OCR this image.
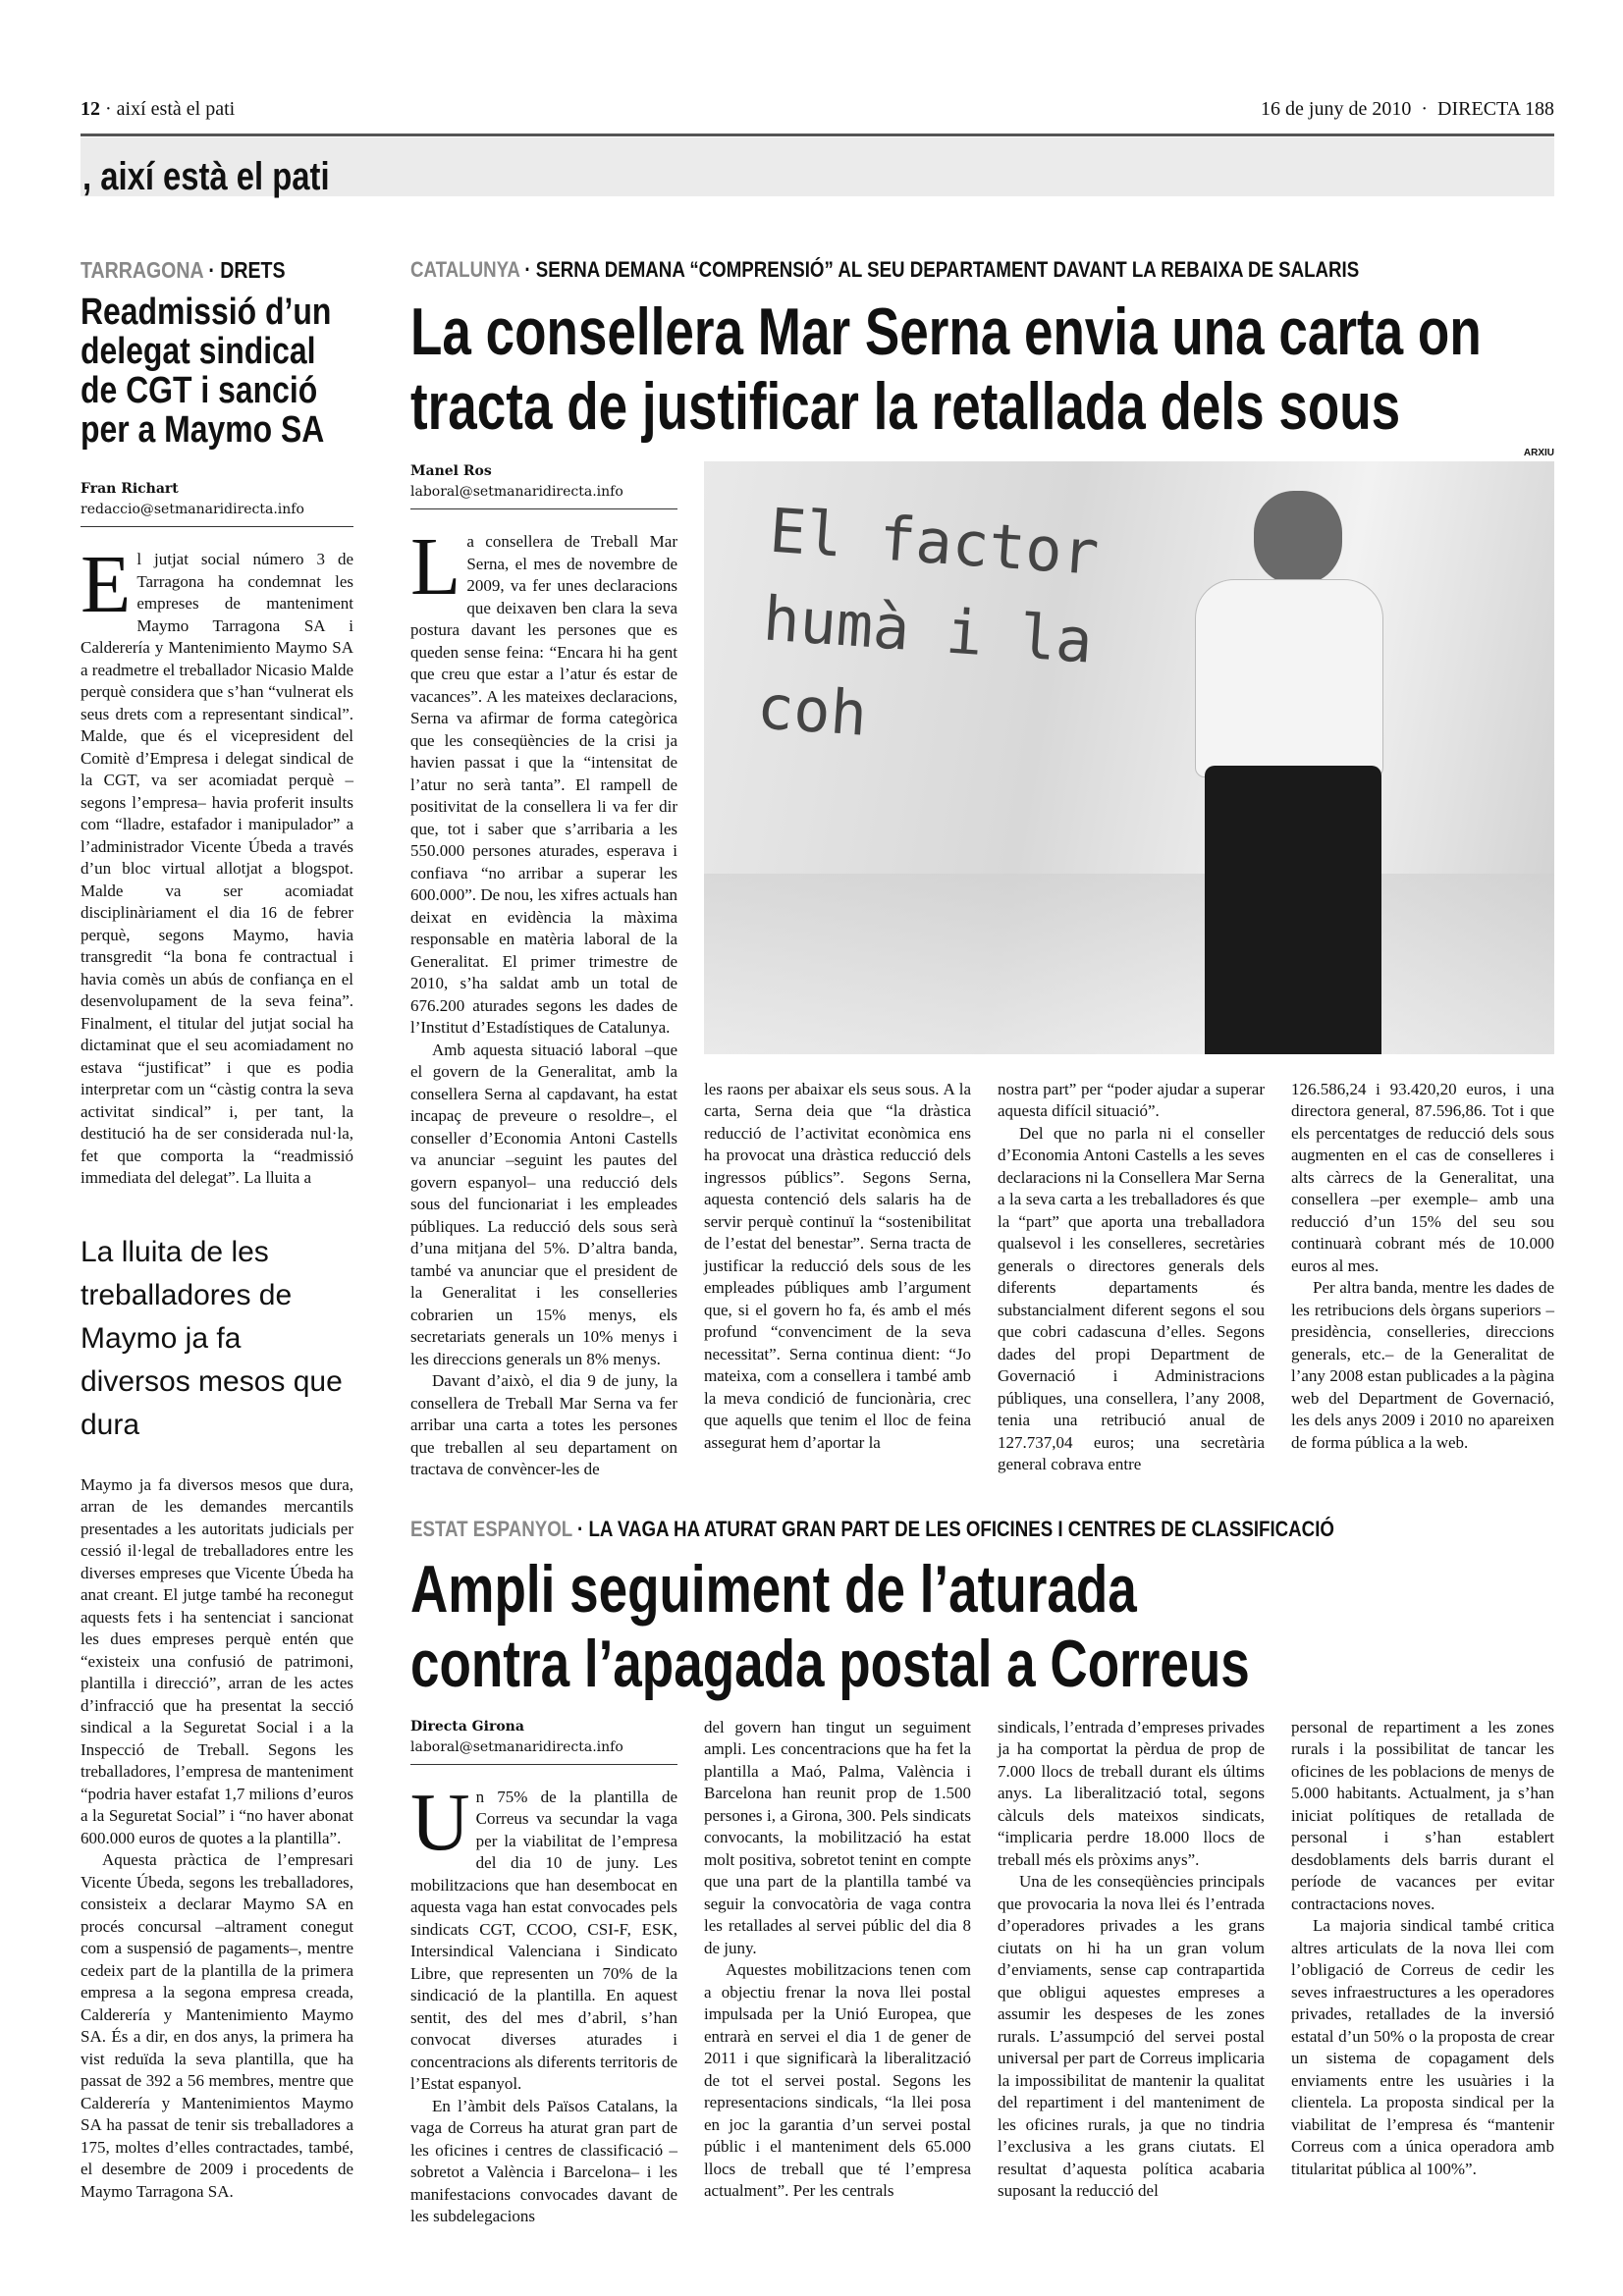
12 · així està el pati	16 de juny de 2010  ·  DIRECTA 188
, així està el pati
TARRAGONA · DRETS
Readmissió d’un delegat sindical de CGT i sanció per a Maymo SA
Fran Richart
redaccio@setmanaridirecta.info

El jutjat social número 3 de Tarragona ha condemnat les empreses de manteniment Maymo Tarragona SA i Calderería y Mantenimiento Maymo SA a readmetre el treballador Nicasio Malde perquè considera que s’han “vulnerat els seus drets com a representant sindical”. Malde, que és el vicepresident del Comitè d’Empresa i delegat sindical de la CGT, va ser acomiadat perquè –segons l’empresa– havia proferit insults com “lladre, estafador i manipulador” a l’administrador Vicente Úbeda a través d’un bloc virtual allotjat a blogspot. Malde va ser acomiadat disciplinàriament el dia 16 de febrer perquè, segons Maymo, havia transgredit “la bona fe contractual i havia comès un abús de confiança en el desenvolupament de la seva feina”. Finalment, el titular del jutjat social ha dictaminat que el seu acomiadament no estava “justificat” i que es podia interpretar com un “càstig contra la seva activitat sindical” i, per tant, la destitució ha de ser considerada nul·la, fet que comporta la “readmissió immediata del delegat”. La lluita a

La lluita de les treballadores de Maymo ja fa diversos mesos que dura

Maymo ja fa diversos mesos que dura, arran de les demandes mercantils presentades a les autoritats judicials per cessió il·legal de treballadores entre les diverses empreses que Vicente Úbeda ha anat creant. El jutge també ha reconegut aquests fets i ha sentenciat i sancionat les dues empreses perquè entén que “existeix una confusió de patrimoni, plantilla i direcció”, arran de les actes d’infracció que ha presentat la secció sindical a la Seguretat Social i a la Inspecció de Treball. Segons les treballadores, l’empresa de manteniment “podria haver estafat 1,7 milions d’euros a la Seguretat Social” i “no haver abonat 600.000 euros de quotes a la plantilla”.

Aquesta pràctica de l’empresari Vicente Úbeda, segons les treballadores, consisteix a declarar Maymo SA en procés concursal –altrament conegut com a suspensió de pagaments–, mentre cedeix part de la plantilla de la primera empresa a la segona empresa creada, Calderería y Mantenimiento Maymo SA. És a dir, en dos anys, la primera ha vist reduïda la seva plantilla, que ha passat de 392 a 56 membres, mentre que Calderería y Mantenimientos Maymo SA ha passat de tenir sis treballadores a 175, moltes d’elles contractades, també, el desembre de 2009 i procedents de Maymo Tarragona SA.

CATALUNYA · SERNA DEMANA “COMPRENSIÓ” AL SEU DEPARTAMENT DAVANT LA REBAIXA DE SALARIS
La consellera Mar Serna envia una carta on
tracta de justificar la retallada dels sous
ARXIU
Manel Ros
laboral@setmanaridirecta.info

La consellera de Treball Mar Serna, el mes de novembre de 2009, va fer unes declaracions que deixaven ben clara la seva postura davant les persones que es queden sense feina: “Encara hi ha gent que creu que estar a l’atur és estar de vacances”. A les mateixes declaracions, Serna va afirmar de forma categòrica que les conseqüències de la crisi ja havien passat i que la “intensitat de l’atur no serà tanta”. El rampell de positivitat de la consellera li va fer dir que, tot i saber que s’arribaria a les 550.000 persones aturades, esperava i confiava “no arribar a superar les 600.000”. De nou, les xifres actuals han deixat en evidència la màxima responsable en matèria laboral de la Generalitat. El primer trimestre de 2010, s’ha saldat amb un total de 676.200 aturades segons les dades de l’Institut d’Estadístiques de Catalunya.

Amb aquesta situació laboral –que el govern de la Generalitat, amb la consellera Serna al capdavant, ha estat incapaç de preveure o resoldre–, el conseller d’Economia Antoni Castells va anunciar –seguint les pautes del govern espanyol– una reducció dels sous del funcionariat i les empleades públiques. La reducció dels sous serà d’una mitjana del 5%. D’altra banda, també va anunciar que el president de la Generalitat i les conselleries cobrarien un 15% menys, els secretariats generals un 10% menys i les direccions generals un 8% menys.

Davant d’això, el dia 9 de juny, la consellera de Treball Mar Serna va fer arribar una carta a totes les persones que treballen al seu departament on tractava de convèncer-les de

El factor humà i la coh

les raons per abaixar els seus sous. A la carta, Serna deia que “la dràstica reducció de l’activitat econòmica ens ha provocat una dràstica reducció dels ingressos públics”. Segons Serna, aquesta contenció dels salaris ha de servir perquè continuï la “sostenibilitat de l’estat del benestar”. Serna tracta de justificar la reducció dels sous de les empleades públiques amb l’argument que, si el govern ho fa, és amb el més profund “convenciment de la seva necessitat”. Serna continua dient: “Jo mateixa, com a consellera i també amb la meva condició de funcionària, crec que aquells que tenim el lloc de feina assegurat hem d’aportar la

nostra part” per “poder ajudar a superar aquesta difícil situació”.

Del que no parla ni el conseller d’Economia Antoni Castells a les seves declaracions ni la Consellera Mar Serna a la seva carta a les treballadores és que la “part” que aporta una treballadora qualsevol i les conselleres, secretàries generals o directores generals dels diferents departaments és substancialment diferent segons el sou que cobri cadascuna d’elles. Segons dades del propi Department de Governació i Administracions públiques, una consellera, l’any 2008, tenia una retribució anual de 127.737,04 euros; una secretària general cobrava entre

126.586,24 i 93.420,20 euros, i una directora general, 87.596,86. Tot i que els percentatges de reducció dels sous augmenten en el cas de conselleres i alts càrrecs de la Generalitat, una consellera –per exemple– amb una reducció d’un 15% del seu sou continuarà cobrant més de 10.000 euros al mes.

Per altra banda, mentre les dades de les retribucions dels òrgans superiors –presidència, conselleries, direccions generals, etc.– de la Generalitat de l’any 2008 estan publicades a la pàgina web del Department de Governació, les dels anys 2009 i 2010 no apareixen de forma pública a la web.

ESTAT ESPANYOL · LA VAGA HA ATURAT GRAN PART DE LES OFICINES I CENTRES DE CLASSIFICACIÓ
Ampli seguiment de l’aturada
contra l’apagada postal a Correus
Directa Girona
laboral@setmanaridirecta.info

Un 75% de la plantilla de Correus va secundar la vaga per la viabilitat de l’empresa del dia 10 de juny. Les mobilitzacions que han desembocat en aquesta vaga han estat convocades pels sindicats CGT, CCOO, CSI-F, ESK, Intersindical Valenciana i Sindicato Libre, que representen un 70% de la sindicació de la plantilla. En aquest sentit, des del mes d’abril, s’han convocat diverses aturades i concentracions als diferents territoris de l’Estat espanyol.

En l’àmbit dels Països Catalans, la vaga de Correus ha aturat gran part de les oficines i centres de classificació –sobretot a València i Barcelona– i les manifestacions convocades davant de les subdelegacions

del govern han tingut un seguiment ampli. Les concentracions que ha fet la plantilla a Maó, Palma, València i Barcelona han reunit prop de 1.500 persones i, a Girona, 300. Pels sindicats convocants, la mobilització ha estat molt positiva, sobretot tenint en compte que una part de la plantilla també va seguir la convocatòria de vaga contra les retallades al servei públic del dia 8 de juny.

Aquestes mobilitzacions tenen com a objectiu frenar la nova llei postal impulsada per la Unió Europea, que entrarà en servei el dia 1 de gener de 2011 i que significarà la liberalització de tot el servei postal. Segons les representacions sindicals, “la llei posa en joc la garantia d’un servei postal públic i el manteniment dels 65.000 llocs de treball que té l’empresa actualment”. Per les centrals

sindicals, l’entrada d’empreses privades ja ha comportat la pèrdua de prop de 7.000 llocs de treball durant els últims anys. La liberalització total, segons càlculs dels mateixos sindicats, “implicaria perdre 18.000 llocs de treball més els pròxims anys”.

Una de les conseqüències principals que provocaria la nova llei és l’entrada d’operadores privades a les grans ciutats on hi ha un gran volum d’enviaments, sense cap contrapartida que obligui aquestes empreses a assumir les despeses de les zones rurals. L’assumpció del servei postal universal per part de Correus implicaria la impossibilitat de mantenir la qualitat del repartiment i del manteniment de les oficines rurals, ja que no tindria l’exclusiva a les grans ciutats. El resultat d’aquesta política acabaria suposant la reducció del

personal de repartiment a les zones rurals i la possibilitat de tancar les oficines de les poblacions de menys de 5.000 habitants. Actualment, ja s’han iniciat polítiques de retallada de personal i s’han establert desdoblaments dels barris durant el període de vacances per evitar contractacions noves.

La majoria sindical també critica altres articulats de la nova llei com l’obligació de Correus de cedir les seves infraestructures a les operadores privades, retallades de la inversió estatal d’un 50% o la proposta de crear un sistema de copagament dels enviaments entre les usuàries i la clientela. La proposta sindical per la viabilitat de l’empresa és “mantenir Correus com a única operadora amb titularitat pública al 100%”.
